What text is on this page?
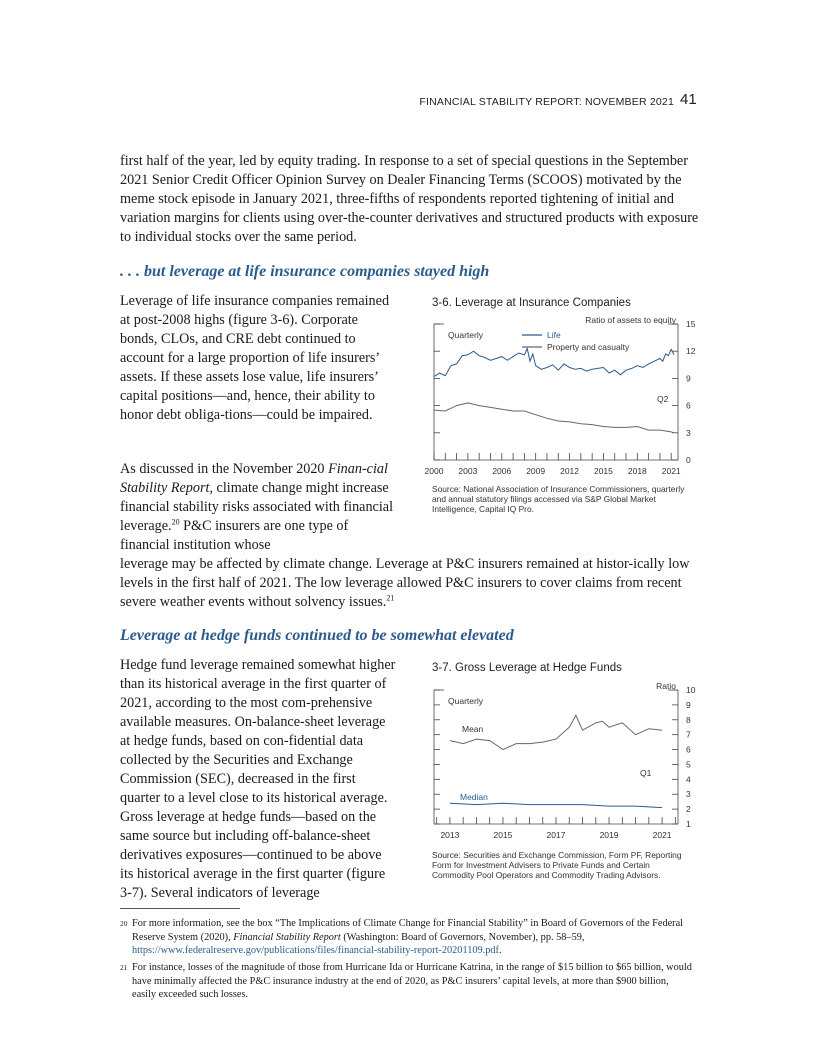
FINANCIAL STABILITY REPORT: NOVEMBER 2021 41

first half of the year, led by equity trading. In response to a set of special questions in the September 2021 Senior Credit Officer Opinion Survey on Dealer Financing Terms (SCOOS) motivated by the meme stock episode in January 2021, three-fifths of respondents reported tightening of initial and variation margins for clients using over-the-counter derivatives and structured products with exposure to individual stocks over the same period.

. . . but leverage at life insurance companies stayed high

Leverage of life insurance companies remained at post-2008 highs (figure 3-6). Corporate bonds, CLOs, and CRE debt continued to account for a large proportion of life insurers’ assets. If these assets lose value, life insurers’ capital positions—and, hence, their ability to honor debt obliga-tions—could be impaired.

As discussed in the November 2020 Finan-cial Stability Report, climate change might increase financial stability risks associated with financial leverage.$^{20}$ P&C insurers are one type of financial institution whose

leverage may be affected by climate change. Leverage at P&C insurers remained at histor-ically low levels in the first half of 2021. The low leverage allowed P&C insurers to cover claims from recent severe weather events without solvency issues.$^{21}$

3-6. Leverage at Insurance Companies
0
3
6
9
12
15
2000 2003 2006 2009 2012 2015 2018 2021
Ratio of assets to equity
Quarterly	Life
Property and casualty
Q2
Source: National Association of Insurance Commissioners, quarterly and annual statutory filings accessed via S&P Global Market Intelligence, Capital IQ Pro.
Leverage at hedge funds continued to be somewhat elevated

Hedge fund leverage remained somewhat higher than its historical average in the first quarter of 2021, according to the most com-prehensive available measures. On-balance-sheet leverage at hedge funds, based on con-fidential data collected by the Securities and Exchange Commission (SEC), decreased in the first quarter to a level close to its historical average. Gross leverage at hedge funds—based on the same source but including off-balance-sheet derivatives exposures—continued to be above its historical average in the first quarter (figure 3-7). Several indicators of leverage

3-7. Gross Leverage at Hedge Funds
1
2
3
4
5
6
7
8
9
10
2013	2015	2017	2019	2021
Ratio
Quarterly
Mean
Median
Q1
Source: Securities and Exchange Commission, Form PF, Reporting Form for Investment Advisers to Private Funds and Certain Commodity Pool Operators and Commodity Trading Advisors.

20 For more information, see the box “The Implications of Climate Change for Financial Stability” in Board of Governors of the Federal Reserve System (2020), Financial Stability Report (Washington: Board of Governors, November), pp. 58–59, https://www.federalreserve.gov/publications/files/financial-stability-report-20201109.pdf.

21 For instance, losses of the magnitude of those from Hurricane Ida or Hurricane Katrina, in the range of $15 billion to $65 billion, would have minimally affected the P&C insurance industry at the end of 2020, as P&C insurers’ capital levels, at more than $900 billion, easily exceeded such losses.
